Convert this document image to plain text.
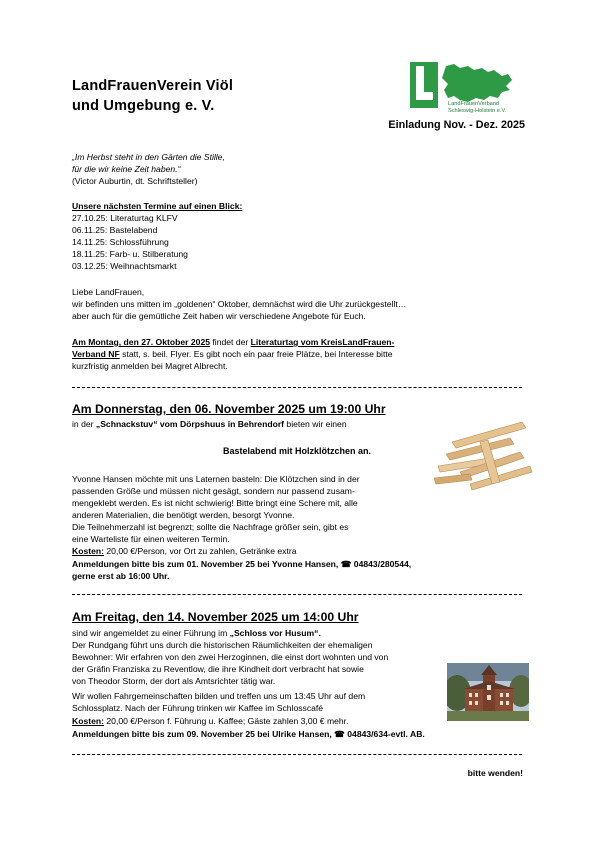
LandFrauenVerein Viöl
und Umgebung e. V.	LandFrauenVerband
Schleswig-Holstein e.V.
Einladung Nov. - Dez. 2025
„Im Herbst steht in den Gärten die Stille,
für die wir keine Zeit haben.“
(Victor Auburtin, dt. Schriftsteller)
Unsere nächsten Termine auf einen Blick:
27.10.25: Literaturtag KLFV
06.11.25: Bastelabend
14.11.25: Schlossführung
18.11.25: Farb- u. Stilberatung
03.12.25: Weihnachtsmarkt
Liebe LandFrauen,
wir befinden uns mitten im „goldenen“ Oktober, demnächst wird die Uhr zurückgestellt…
aber auch für die gemütliche Zeit haben wir verschiedene Angebote für Euch.
Am Montag, den 27. Oktober 2025 findet der Literaturtag vom KreisLandFrauen-
Verband NF statt, s. beil. Flyer. Es gibt noch ein paar freie Plätze, bei Interesse bitte
kurzfristig anmelden bei Magret Albrecht.
Am Donnerstag, den 06. November 2025 um 19:00 Uhr
in der „Schnackstuv“ vom Dörpshuus in Behrendorf bieten wir einen
Bastelabend mit Holzklötzchen an.
Yvonne Hansen möchte mit uns Laternen basteln: Die Klötzchen sind in der
passenden Größe und müssen nicht gesägt, sondern nur passend zusam-
mengeklebt werden. Es ist nicht schwierig! Bitte bringt eine Schere mit, alle
anderen Materialien, die benötigt werden, besorgt Yvonne.
Die Teilnehmerzahl ist begrenzt; sollte die Nachfrage größer sein, gibt es
eine Warteliste für einen weiteren Termin.
Kosten: 20,00 €/Person, vor Ort zu zahlen, Getränke extra
Anmeldungen bitte bis zum 01. November 25 bei Yvonne Hansen, ☎ 04843/280544,
gerne erst ab 16:00 Uhr.
Am Freitag, den 14. November 2025 um 14:00 Uhr
sind wir angemeldet zu einer Führung im „Schloss vor Husum“.
Der Rundgang führt uns durch die historischen Räumlichkeiten der ehemaligen
Bewohner: Wir erfahren von den zwei Herzoginnen, die einst dort wohnten und von
der Gräfin Franziska zu Reventlow, die ihre Kindheit dort verbracht hat sowie
von Theodor Storm, der dort als Amtsrichter tätig war.
Wir wollen Fahrgemeinschaften bilden und treffen uns um 13:45 Uhr auf dem
Schlossplatz. Nach der Führung trinken wir Kaffee im Schlosscafé
Kosten: 20,00 €/Person f. Führung u. Kaffee; Gäste zahlen 3,00 € mehr.
Anmeldungen bitte bis zum 09. November 25 bei Ulrike Hansen, ☎ 04843/634-evtl. AB.
bitte wenden!
